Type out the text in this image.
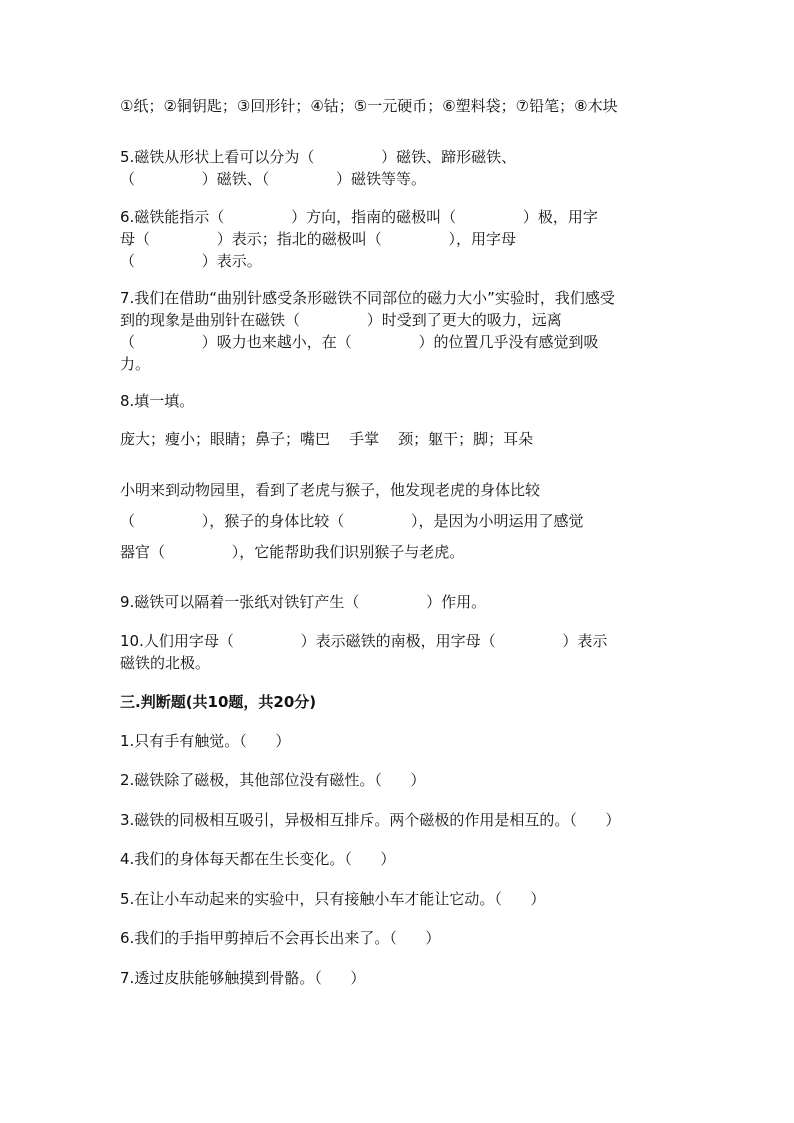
①纸；②铜钥匙；③回形针；④钴；⑤一元硬币；⑥塑料袋；⑦铅笔；⑧木块

5.磁铁从形状上看可以分为（              ）磁铁、蹄形磁铁、

（              ）磁铁、（              ）磁铁等等。

6.磁铁能指示（              ）方向，指南的磁极叫（              ）极，用字

母（              ）表示；指北的磁极叫（              ），用字母

（              ）表示。

7.我们在借助“曲别针感受条形磁铁不同部位的磁力大小”实验时，我们感受

到的现象是曲别针在磁铁（              ）时受到了更大的吸力，远离

（              ）吸力也来越小，在（              ）的位置几乎没有感觉到吸

力。

8.填一填。

庞大；瘦小；眼睛；鼻子；嘴巴    手掌    颈；躯干；脚；耳朵

小明来到动物园里，看到了老虎与猴子，他发现老虎的身体比较

（              ），猴子的身体比较（              ），是因为小明运用了感觉

器官（              ），它能帮助我们识别猴子与老虎。

9.磁铁可以隔着一张纸对铁钉产生（              ）作用。

10.人们用字母（              ）表示磁铁的南极，用字母（              ）表示

磁铁的北极。

三.判断题(共10题，共20分)

1.只有手有触觉。（      ）

2.磁铁除了磁极，其他部位没有磁性。（      ）

3.磁铁的同极相互吸引，异极相互排斥。两个磁极的作用是相互的。（      ）

4.我们的身体每天都在生长变化。（      ）

5.在让小车动起来的实验中，只有接触小车才能让它动。（      ）

6.我们的手指甲剪掉后不会再长出来了。（      ）

7.透过皮肤能够触摸到骨骼。（      ）
